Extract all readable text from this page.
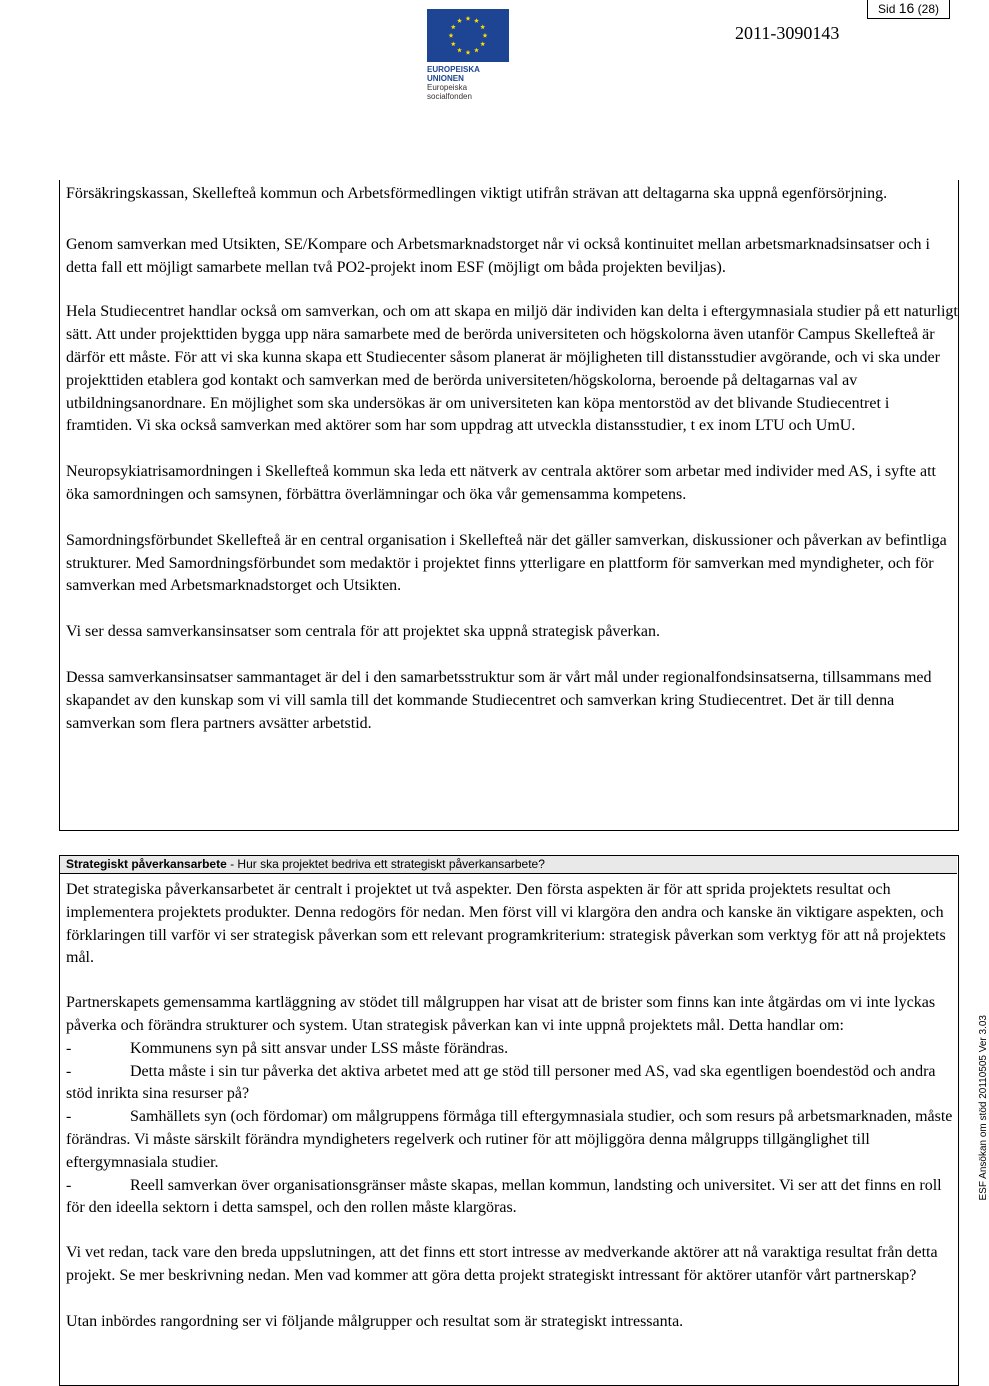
Sid 16 (28)
EUROPEISKA UNIONEN
Europeiska socialfonden
2011-3090143

Försäkringskassan, Skellefteå kommun och Arbetsförmedlingen viktigt utifrån strävan att deltagarna ska uppnå egenförsörjning.

Genom samverkan med Utsikten, SE/Kompare och Arbetsmarknadstorget når vi också kontinuitet mellan arbetsmarknadsinsatser och i detta fall ett möjligt samarbete mellan två PO2-projekt inom ESF (möjligt om båda projekten beviljas).

Hela Studiecentret handlar också om samverkan, och om att skapa en miljö där individen kan delta i eftergymnasiala studier på ett naturligt sätt. Att under projekttiden bygga upp nära samarbete med de berörda universiteten och högskolorna även utanför Campus Skellefteå är därför ett måste. För att vi ska kunna skapa ett Studiecenter såsom planerat är möjligheten till distansstudier avgörande, och vi ska under projekttiden etablera god kontakt och samverkan med de berörda universiteten/högskolorna, beroende på deltagarnas val av utbildningsanordnare. En möjlighet som ska undersökas är om universiteten kan köpa mentorstöd av det blivande Studiecentret i framtiden. Vi ska också samverkan med aktörer som har som uppdrag att utveckla distansstudier, t ex inom LTU och UmU.

Neuropsykiatrisamordningen i Skellefteå kommun ska leda ett nätverk av centrala aktörer som arbetar med individer med AS, i syfte att öka samordningen och samsynen, förbättra överlämningar och öka vår gemensamma kompetens.

Samordningsförbundet Skellefteå är en central organisation i Skellefteå när det gäller samverkan, diskussioner och påverkan av befintliga strukturer. Med Samordningsförbundet som medaktör i projektet finns ytterligare en plattform för samverkan med myndigheter, och för samverkan med Arbetsmarknadstorget och Utsikten.

Vi ser dessa samverkansinsatser som centrala för att projektet ska uppnå strategisk påverkan.

Dessa samverkansinsatser sammantaget är del i den samarbetsstruktur som är vårt mål under regionalfondsinsatserna, tillsammans med skapandet av den kunskap som vi vill samla till det kommande Studiecentret och samverkan kring Studiecentret. Det är till denna samverkan som flera partners avsätter arbetstid.

Strategiskt påverkansarbete - Hur ska projektet bedriva ett strategiskt påverkansarbete?

Det strategiska påverkansarbetet är centralt i projektet ut två aspekter. Den första aspekten är för att sprida projektets resultat och implementera projektets produkter. Denna redogörs för nedan. Men först vill vi klargöra den andra och kanske än viktigare aspekten, och förklaringen till varför vi ser strategisk påverkan som ett relevant programkriterium: strategisk påverkan som verktyg för att nå projektets mål.

Partnerskapets gemensamma kartläggning av stödet till målgruppen har visat att de brister som finns kan inte åtgärdas om vi inte lyckas påverka och förändra strukturer och system. Utan strategisk påverkan kan vi inte uppnå projektets mål. Detta handlar om:

-	Kommunens syn på sitt ansvar under LSS måste förändras.

-	Detta måste i sin tur påverka det aktiva arbetet med att ge stöd till personer med AS, vad ska egentligen boendestöd och andra stöd inrikta sina resurser på?

-	Samhällets syn (och fördomar) om målgruppens förmåga till eftergymnasiala studier, och som resurs på arbetsmarknaden, måste förändras. Vi måste särskilt förändra myndigheters regelverk och rutiner för att möjliggöra denna målgrupps tillgänglighet till eftergymnasiala studier.

-	Reell samverkan över organisationsgränser måste skapas, mellan kommun, landsting och universitet. Vi ser att det finns en roll för den ideella sektorn i detta samspel, och den rollen måste klargöras.

Vi vet redan, tack vare den breda uppslutningen, att det finns ett stort intresse av medverkande aktörer att nå varaktiga resultat från detta projekt. Se mer beskrivning nedan. Men vad kommer att göra detta projekt strategiskt intressant för aktörer utanför vårt partnerskap?

Utan inbördes rangordning ser vi följande målgrupper och resultat som är strategiskt intressanta.

ESF Ansökan om stöd 20110505 Ver 3.03
